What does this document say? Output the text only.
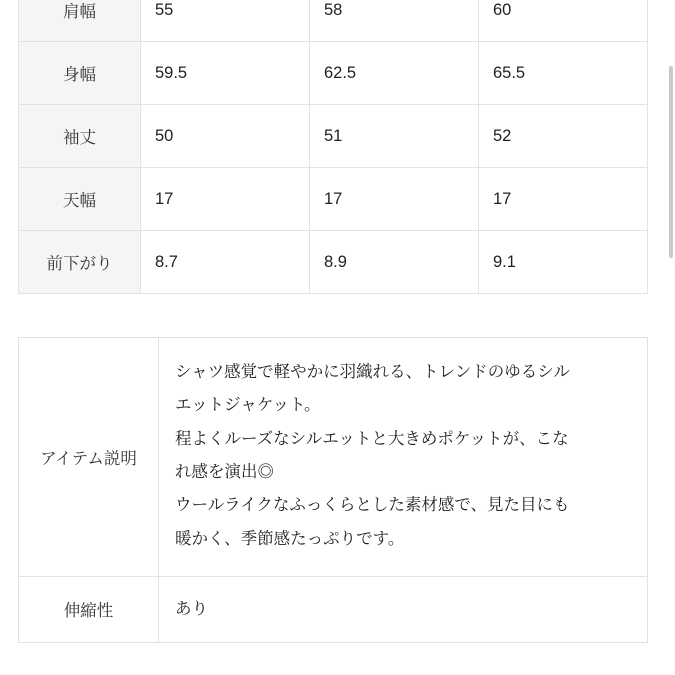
肩幅	55	58	60
身幅	59.5	62.5	65.5
袖丈	50	51	52
天幅	17	17	17
前下がり	8.7	8.9	9.1
アイテム説明	
シャツ感覚で軽やかに羽織れる、トレンドのゆるシル
エットジャケット。
程よくルーズなシルエットと大きめポケットが、こな
れ感を演出◎
ウールライクなふっくらとした素材感で、見た目にも
暖かく、季節感たっぷりです。

伸縮性	あり
